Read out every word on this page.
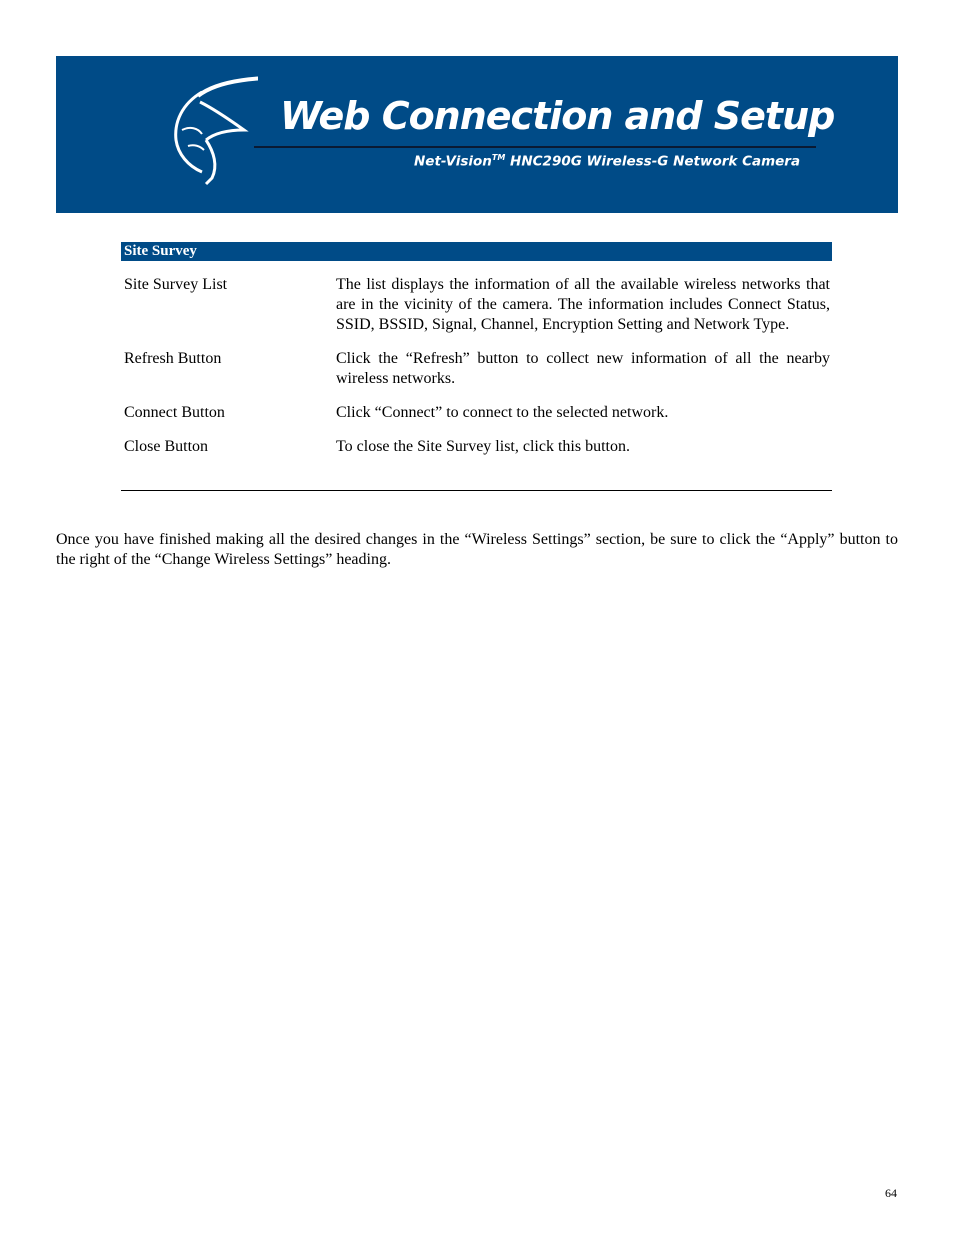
Web Connection and Setup
Net-Vision™ HNC290G Wireless-G Network Camera
Site Survey
Site Survey List	The list displays the information of all the available wireless networks that are in the vicinity of the camera. The information includes Connect Status, SSID, BSSID, Signal, Channel, Encryption Setting and Network Type.
Refresh Button	Click the “Refresh” button to collect new information of all the nearby wireless networks.
Connect Button	Click “Connect” to connect to the selected network.
Close Button	To close the Site Survey list, click this button.
Once you have finished making all the desired changes in the “Wireless Settings” section, be sure to click the “Apply” button to the right of the “Change Wireless Settings” heading.
64
